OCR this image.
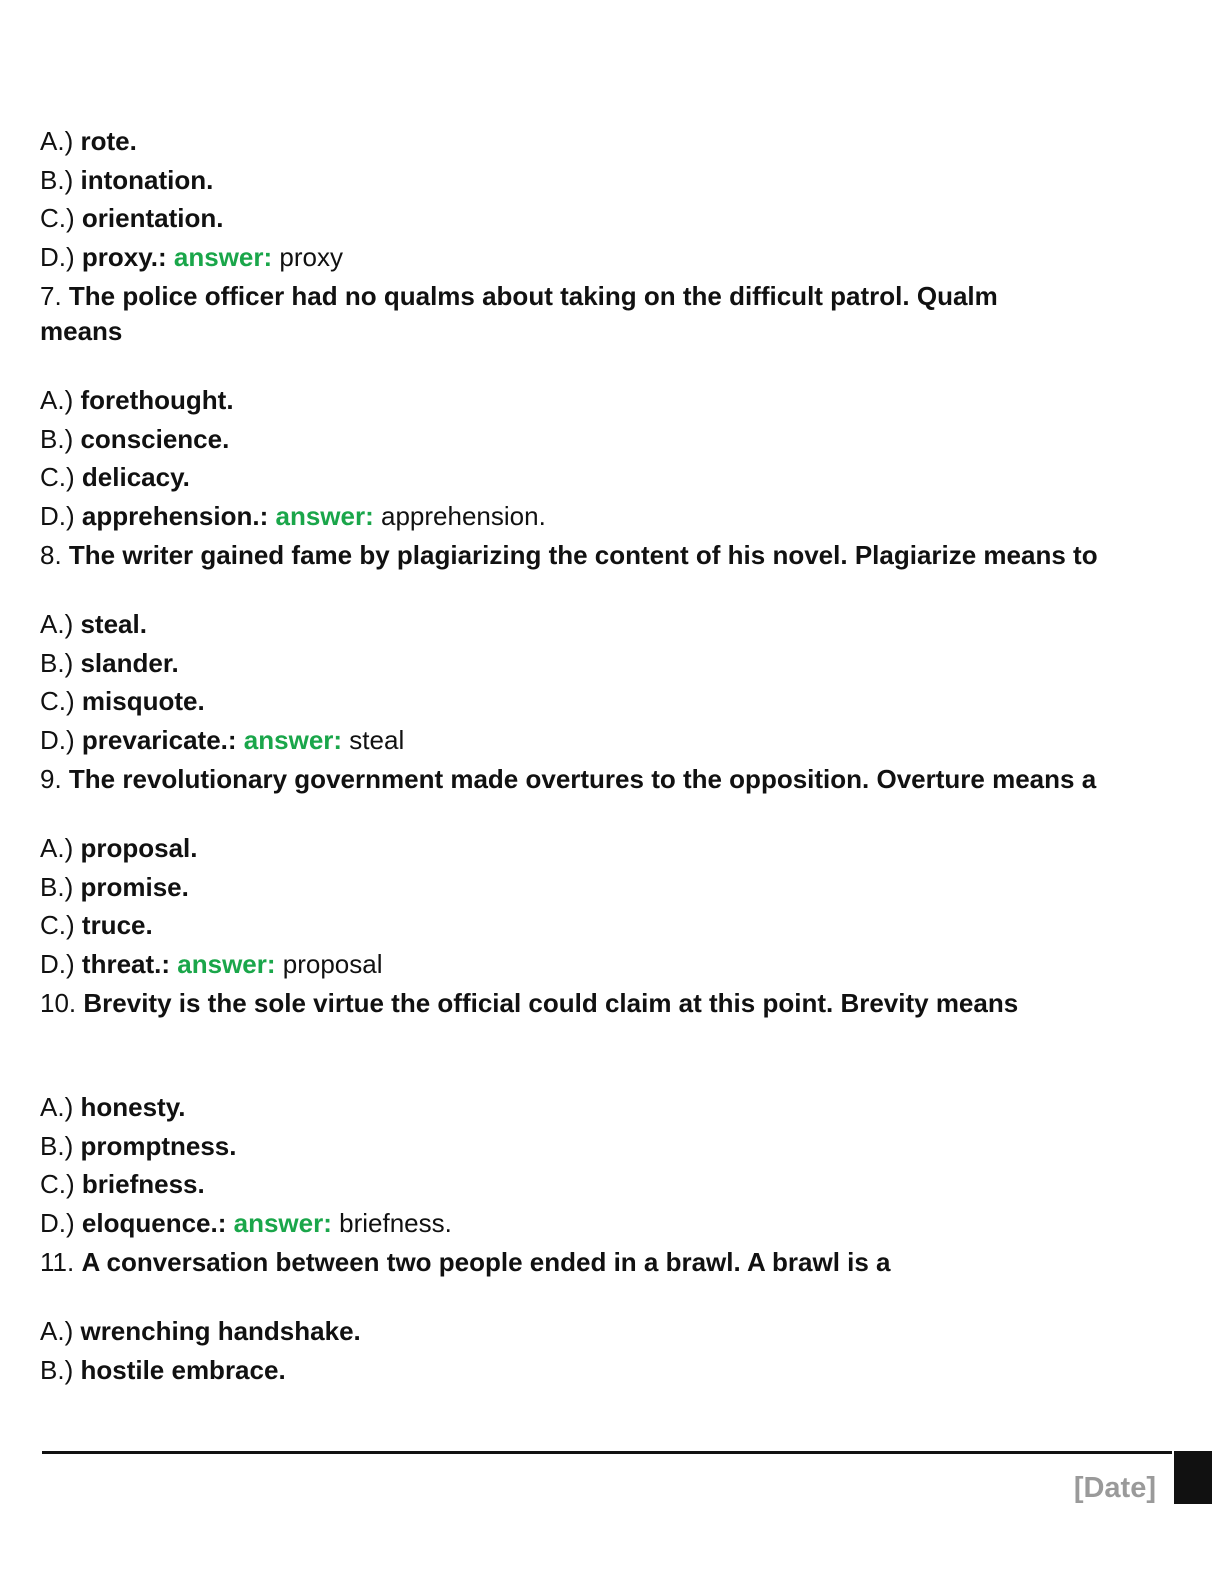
A.) rote.
B.) intonation.
C.) orientation.
D.) proxy.: answer: proxy
7. The police officer had no qualms about taking on the difficult patrol. Qualm means
A.) forethought.
B.) conscience.
C.) delicacy.
D.) apprehension.: answer: apprehension.
8. The writer gained fame by plagiarizing the content of his novel. Plagiarize means to
A.) steal.
B.) slander.
C.) misquote.
D.) prevaricate.: answer: steal
9. The revolutionary government made overtures to the opposition. Overture means a
A.) proposal.
B.) promise.
C.) truce.
D.) threat.: answer: proposal
10. Brevity is the sole virtue the official could claim at this point. Brevity means
A.) honesty.
B.) promptness.
C.) briefness.
D.) eloquence.: answer: briefness.
11. A conversation between two people ended in a brawl. A brawl is a
A.) wrenching handshake.
B.) hostile embrace.
[Date]
